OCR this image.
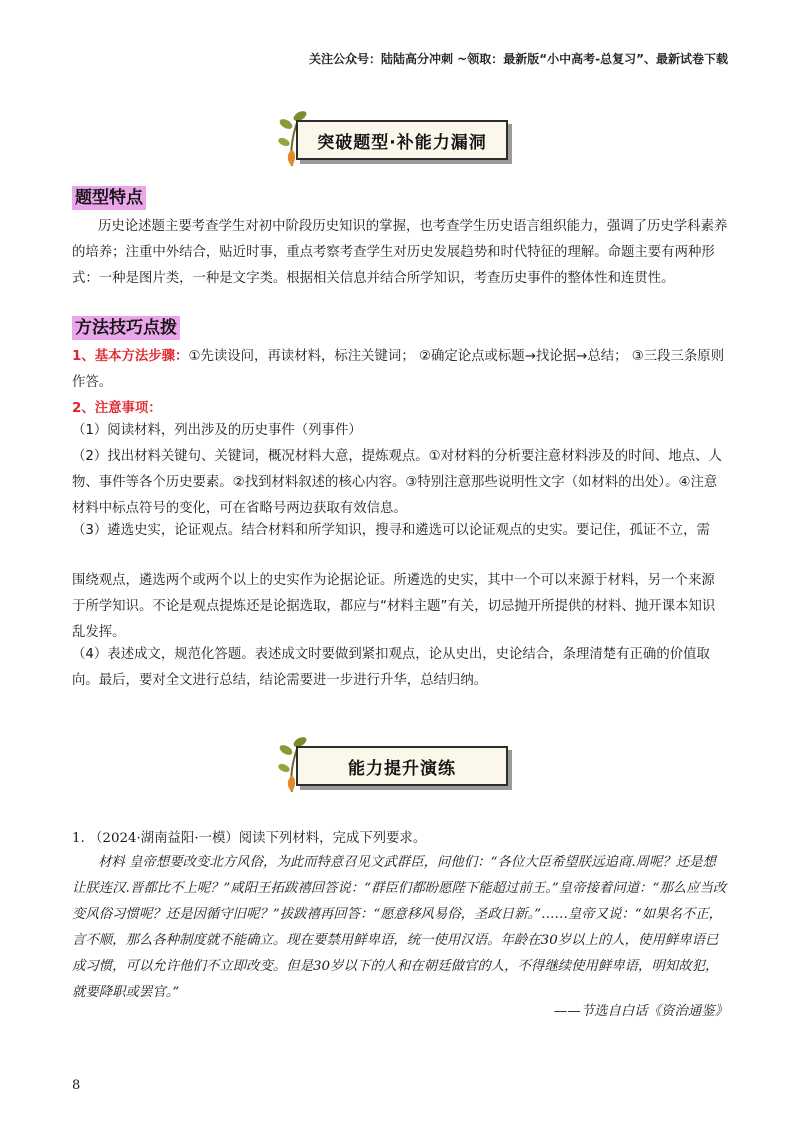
关注公众号：陆陆高分冲刺 ~领取：最新版“小中高考-总复习”、最新试卷下载
突破题型·补能力漏洞
题型特点
历史论述题主要考查学生对初中阶段历史知识的掌握，也考查学生历史语言组织能力，强调了历史学科素养的培养；注重中外结合，贴近时事，重点考察考查学生对历史发展趋势和时代特征的理解。命题主要有两种形式：一种是图片类，一种是文字类。根据相关信息并结合所学知识，考查历史事件的整体性和连贯性。
方法技巧点拨
1、基本方法步骤：①先读设问，再读材料，标注关键词； ②确定论点或标题→找论据→总结； ③三段三条原则作答。
2、注意事项：
（1）阅读材料，列出涉及的历史事件（列事件）
（2）找出材料关键句、关键词，概况材料大意，提炼观点。①对材料的分析要注意材料涉及的时间、地点、人物、事件等各个历史要素。②找到材料叙述的核心内容。③特别注意那些说明性文字（如材料的出处）。④注意材料中标点符号的变化，可在省略号两边获取有效信息。
（3）遴选史实，论证观点。结合材料和所学知识，搜寻和遴选可以论证观点的史实。要记住，孤证不立，需
围绕观点，遴选两个或两个以上的史实作为论据论证。所遴选的史实，其中一个可以来源于材料，另一个来源于所学知识。不论是观点提炼还是论据选取，都应与“材料主题”有关，切忌抛开所提供的材料、抛开课本知识乱发挥。
（4）表述成文，规范化答题。表述成文时要做到紧扣观点，论从史出，史论结合，条理清楚有正确的价值取向。最后，要对全文进行总结，结论需要进一步进行升华，总结归纳。
能力提升演练
1. （2024·湖南益阳·一模）阅读下列材料，完成下列要求。
材料 皇帝想要改变北方风俗，为此而特意召见文武群臣，问他们：“各位大臣希望朕远追商.周呢？还是想让朕连汉.晋都比不上呢？”咸阳王拓跋禧回答说：“群臣们都盼愿陛下能超过前王。”皇帝接着问道：“那么应当改变风俗习惯呢？还是因循守旧呢？”拔跋禧再回答：“愿意移风易俗，圣政日新。”……皇帝又说：“如果名不正，言不顺，那么各种制度就不能确立。现在要禁用鲜卑语，统一使用汉语。年龄在30岁以上的人，使用鲜卑语已成习惯，可以允许他们不立即改变。但是30岁以下的人和在朝廷做官的人，不得继续使用鲜卑语，明知故犯，就要降职或罢官。”
——节选自白话《资治通鉴》
8
